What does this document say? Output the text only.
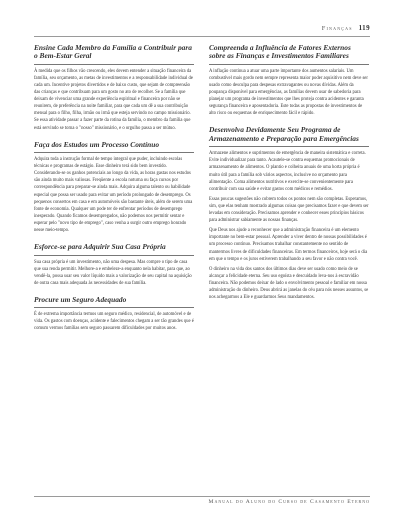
Finanças 119
Ensine Cada Membro da Família a Contribuir para o Bem-Estar Geral

À medida que os filhos vão crescendo, eles devem entender a situação financeira da família, seu orçamento, as metas de investimentos e a responsabilidade individual de cada um. Incentive projetos divertidos e de baixo custo, que sejam de compreensão das crianças e que contribuam para um gosto no ato de recolher. Se a família que deixam de vivenciar uma grande experiência espiritual e financeira por não se reunirem, de preferência na noite familiar, para que cada um dê a sua contribuição mensal para o filho, filha, irmão ou irmã que esteja servindo no campo missionário. Se essa atividade passar a fazer parte da rotina da família, o membro da família que está servindo se torna o "nosso" missionário, e o orgulho passa a ser mútuo.

Faça dos Estudos um Processo Contínuo

Adquira toda a instrução formal de tempo integral que puder, incluindo escolas técnicas e programas de estágio. Esse dinheiro terá sido bem investido. Considerando-se os ganhos potenciais ao longo da vida, as horas gastas nos estudos são ainda muito mais valiosas. Freqüente a escola noturna ou faça cursos por correspondência para preparar-se ainda mais. Adquira alguma talento ou habilidade especial que possa ser usado para evitar um período prolongado de desemprego. Os pequenos consertos em casa e em automóveis são bastante úteis, além de serem uma fonte de economia. Qualquer um pode ter de enfrentar períodos de desemprego inesperado. Quando ficamos desempregados, não podemos nos permitir sentar e esperar pelo "novo tipo de emprego", caso venha a surgir outro emprego honrado nesse meio-tempo.

Esforce-se para Adquirir Sua Casa Própria

Sua casa própria é um investimento, não uma despesa. Mas compre o tipo de casa que sua renda permitir. Melhore-a e embeleze-a enquanto nela habitar, para que, ao vendê-la, possa usar seu valor líquido mais a valorização de seu capital na aquisição de outra casa mais adequada às necessidades de sua família.

Procure um Seguro Adequado

É de extrema importância termos um seguro médico, residencial, de automóvel e de vida. Os gastos com doenças, acidente e falecimentos chegam a ser tão grandes que é comum vermos famílias sem seguro passarem dificuldades por muitos anos.

Compreenda a Influência de Fatores Externos sobre as Finanças e Investimentos Familiares

A inflação continua a atuar uma parte importante dos aumentos salariais. Um combustível mais gordo nem sempre representa maior poder aquisitivo nem deve ser usado como desculpa para despesas extravagantes ou novas dívidas. Além da poupança disponível para emergências, as famílias devem usar de sabedoria para planejar um programa de investimentos que lhes proteja contra acidentes e garanta segurança financeira e aposentadoria. Este todas as propostas de investimentos de alto risco ou esquemas de enriquecimento fácil e rápido.

Desenvolva Devidamente Seu Programa de Armazenamento e Preparação para Emergências

Armazene alimentos e suprimentos de emergência de maneira sistemática e correta. Evite individualizar para tanto. Acautele-se contra esquemas promocionais de armazenamento de alimentos. O plantio e colheita anuais de uma horta própria é muito útil para a família sob vários aspectos, inclusive no orçamento para alimentação. Coma alimentos nutritivos e exercite-se convenientemente para contribuir com sua saúde e evitar gastos com médicos e remédios.

Essas poucas sugestões não cobrem todos os pontos nem são completas. Esperamos, sim, que elas tenham mostrado algumas coisas que precisamos fazer e que devem ser levadas em consideração. Precisamos aprender e conhecer esses princípios básicos para administrar sabiamente as nossas finanças.

Que Deus nos ajude a reconhecer que a administração financeira é um elemento importante no bem-estar pessoal. Aprender a viver dentro de nossas possibilidades é um processo contínuo. Precisamos trabalhar constantemente no sentido de mantermos livres de dificuldades financeiras. Em termos financeiros, hoje será o dia em que o tempo e os juros estiverem trabalhando a seu favor e não contra você.

O dinheiro na vida dos santos dos últimos dias deve ser usado como meio de se alcançar a felicidade eterna. Seu uso egoísta e descuidado leva-nos à escravidão financeira. Não podemos deixar de lado o envolvimento pessoal e familiar em nossa administração do dinheiro. Deus abrirá as janelas do céu para nós nesses assuntos, se nos achegarmos a Ele e guardarmos Seus mandamentos.

Manual do Aluno do Curso de Casamento Eterno
